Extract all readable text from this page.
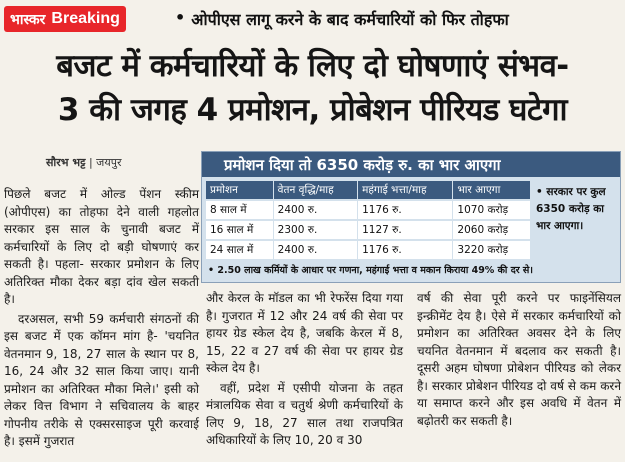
भास्कर Breaking	• ओपीएस लागू करने के बाद कर्मचारियों को फिर तोहफा
बजट में कर्मचारियों के लिए दो घोषणाएं संभव-
3 की जगह 4 प्रमोशन, प्रोबेशन पीरियड घटेगा
सौरभ भट्ट | जयपुर	प्रमोशन दिया तो 6350 करोड़ रु. का भार आएगा
प्रमोशन	वेतन वृद्धि/माह	महंगाई भत्ता/माह	भार आएगा
8 साल में	2400 रु.	1176 रु.	1070 करोड़
16 साल में	2300 रु.	1127 रु.	2060 करोड़
24 साल में	2400 रु.	1176 रु.	3220 करोड़
• सरकार पर कुल 6350 करोड़ का भार आएगा।
• 2.50 लाख कर्मियों के आधार पर गणना, महंगाई भत्ता व मकान किराया 49% की दर से।

पिछले बजट में ओल्ड पेंशन स्कीम (ओपीएस) का तोहफा देने वाली गहलोत सरकार इस साल के चुनावी बजट में कर्मचारियों के लिए दो बड़ी घोषणाएं कर सकती है। पहला- सरकार प्रमोशन के लिए अतिरिक्त मौका देकर बड़ा दांव खेल सकती है।

दरअसल, सभी 59 कर्मचारी संगठनों की इस बजट में एक कॉमन मांग है- 'चयनित वेतनमान 9, 18, 27 साल के स्थान पर 8, 16, 24 और 32 साल किया जाए। यानी प्रमोशन का अतिरिक्त मौका मिले।' इसी को लेकर वित्त विभाग ने सचिवालय के बाहर गोपनीय तरीके से एक्सरसाइज पूरी करवाई है। इसमें गुजरात

और केरल के मॉडल का भी रेफरेंस दिया गया है। गुजरात में 12 और 24 वर्ष की सेवा पर हायर ग्रेड स्केल देय है, जबकि केरल में 8, 15, 22 व 27 वर्ष की सेवा पर हायर ग्रेड स्केल देय है।

वहीं, प्रदेश में एसीपी योजना के तहत मंत्रालयिक सेवा व चतुर्थ श्रेणी कर्मचारियों के लिए 9, 18, 27 साल तथा राजपत्रित अधिकारियों के लिए 10, 20 व 30

वर्ष की सेवा पूरी करने पर फाइनेंसियल इन्क्रीमेंट देय है। ऐसे में सरकार कर्मचारियों को प्रमोशन का अतिरिक्त अवसर देने के लिए चयनित वेतनमान में बदलाव कर सकती है। दूसरी अहम घोषणा प्रोबेशन पीरियड को लेकर है। सरकार प्रोबेशन पीरियड दो वर्ष से कम करने या समाप्त करने और इस अवधि में वेतन में बढ़ोतरी कर सकती है।
